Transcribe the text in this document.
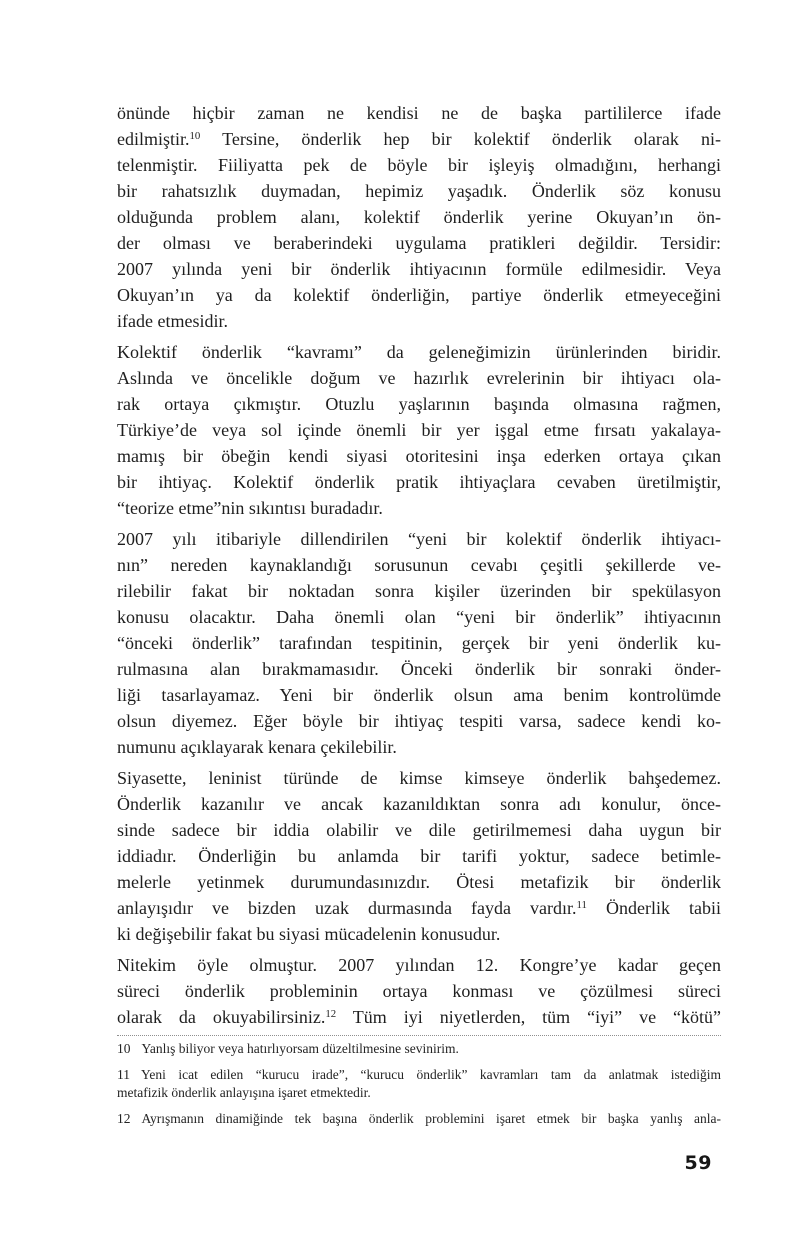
önünde hiçbir zaman ne kendisi ne de başka partililerce ifade
edilmiştir.$^{10}$ Tersine, önderlik hep bir kolektif önderlik olarak ni-
telenmiştir. Fiiliyatta pek de böyle bir işleyiş olmadığını, herhangi
bir rahatsızlık duymadan, hepimiz yaşadık. Önderlik söz konusu
olduğunda problem alanı, kolektif önderlik yerine Okuyan’ın ön-
der olması ve beraberindeki uygulama pratikleri değildir. Tersidir:
2007 yılında yeni bir önderlik ihtiyacının formüle edilmesidir. Veya
Okuyan’ın ya da kolektif önderliğin, partiye önderlik etmeyeceğini
ifade etmesidir.
Kolektif önderlik “kavramı” da geleneğimizin ürünlerinden biridir.
Aslında ve öncelikle doğum ve hazırlık evrelerinin bir ihtiyacı ola-
rak ortaya çıkmıştır. Otuzlu yaşlarının başında olmasına rağmen,
Türkiye’de veya sol içinde önemli bir yer işgal etme fırsatı yakalaya-
mamış bir öbeğin kendi siyasi otoritesini inşa ederken ortaya çıkan
bir ihtiyaç. Kolektif önderlik pratik ihtiyaçlara cevaben üretilmiştir,
“teorize etme”nin sıkıntısı buradadır.
2007 yılı itibariyle dillendirilen “yeni bir kolektif önderlik ihtiyacı-
nın” nereden kaynaklandığı sorusunun cevabı çeşitli şekillerde ve-
rilebilir fakat bir noktadan sonra kişiler üzerinden bir spekülasyon
konusu olacaktır. Daha önemli olan “yeni bir önderlik” ihtiyacının
“önceki önderlik” tarafından tespitinin, gerçek bir yeni önderlik ku-
rulmasına alan bırakmamasıdır. Önceki önderlik bir sonraki önder-
liği tasarlayamaz. Yeni bir önderlik olsun ama benim kontrolümde
olsun diyemez. Eğer böyle bir ihtiyaç tespiti varsa, sadece kendi ko-
numunu açıklayarak kenara çekilebilir.
Siyasette, leninist türünde de kimse kimseye önderlik bahşedemez.
Önderlik kazanılır ve ancak kazanıldıktan sonra adı konulur, önce-
sinde sadece bir iddia olabilir ve dile getirilmemesi daha uygun bir
iddiadır. Önderliğin bu anlamda bir tarifi yoktur, sadece betimle-
melerle yetinmek durumundasınızdır. Ötesi metafizik bir önderlik
anlayışıdır ve bizden uzak durmasında fayda vardır.$^{11}$ Önderlik tabii
ki değişebilir fakat bu siyasi mücadelenin konusudur.
Nitekim öyle olmuştur. 2007 yılından 12. Kongre’ye kadar geçen
süreci önderlik probleminin ortaya konması ve çözülmesi süreci
olarak da okuyabilirsiniz.$^{12}$ Tüm iyi niyetlerden, tüm “iyi” ve “kötü”
10 Yanlış biliyor veya hatırlıyorsam düzeltilmesine sevinirim.
11 Yeni icat edilen “kurucu irade”, “kurucu önderlik” kavramları tam da anlatmak istediğim
metafizik önderlik anlayışına işaret etmektedir.
12 Ayrışmanın dinamiğinde tek başına önderlik problemini işaret etmek bir başka yanlış anla-
59
